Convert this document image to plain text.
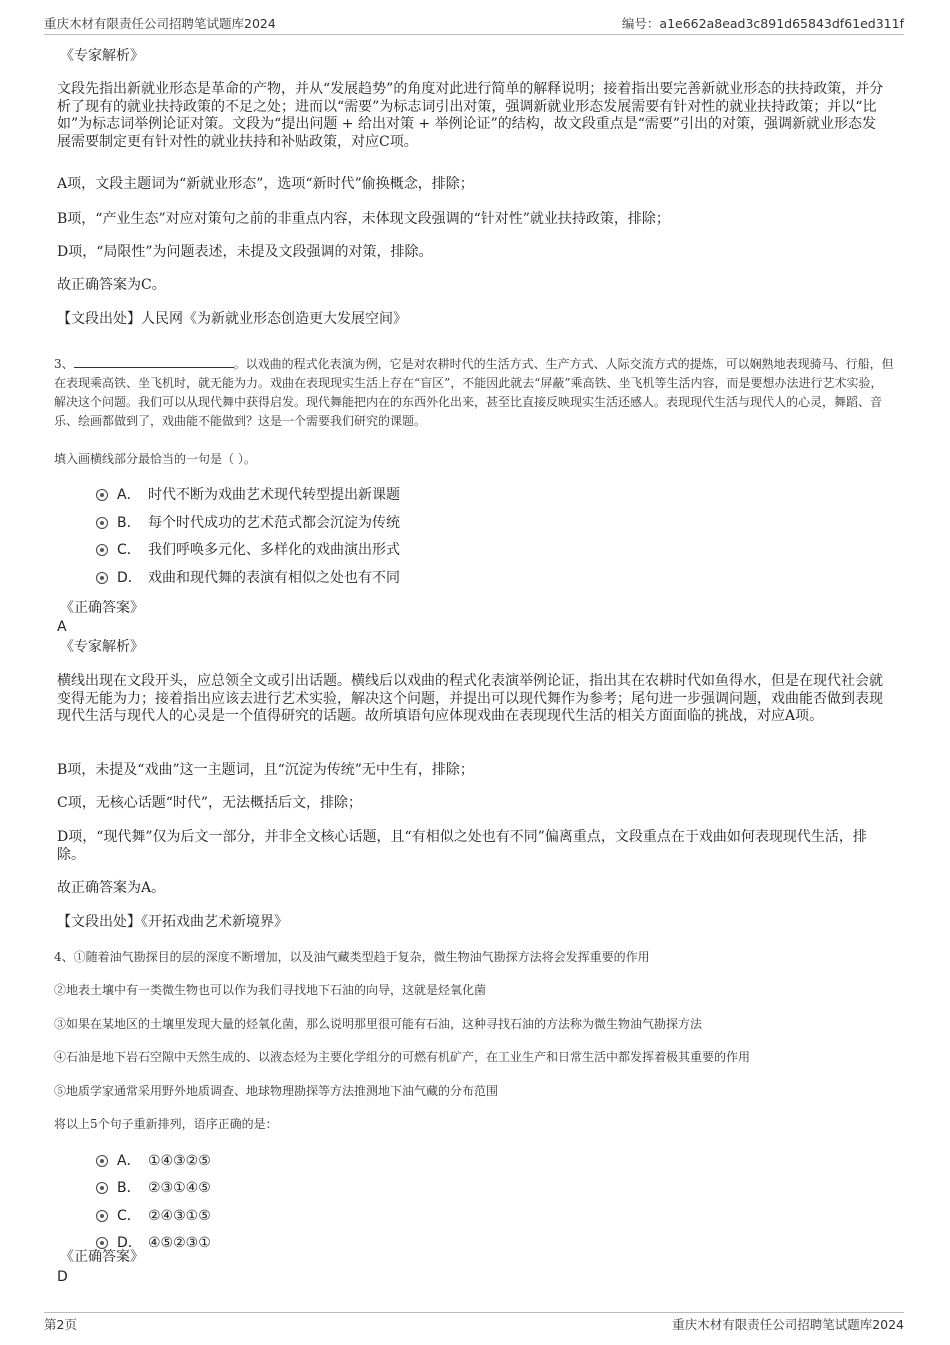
重庆木材有限责任公司招聘笔试题库2024	编号：a1e662a8ead3c891d65843df61ed311f
《专家解析》

文段先指出新就业形态是革命的产物，并从“发展趋势”的角度对此进行简单的解释说明；接着指出要完善新就业形态的扶持政策，并分析了现有的就业扶持政策的不足之处；进而以“需要”为标志词引出对策，强调新就业形态发展需要有针对性的就业扶持政策；并以“比如”为标志词举例论证对策。文段为“提出问题 + 给出对策 + 举例论证”的结构，故文段重点是“需要”引出的对策，强调新就业形态发展需要制定更有针对性的就业扶持和补贴政策，对应C项。

A项，文段主题词为“新就业形态”，选项“新时代”偷换概念，排除；

B项，“产业生态”对应对策句之前的非重点内容，未体现文段强调的“针对性”就业扶持政策，排除；

D项，“局限性”为问题表述，未提及文段强调的对策，排除。

故正确答案为C。

【文段出处】人民网《为新就业形态创造更大发展空间》

3、	。以戏曲的程式化表演为例，它是对农耕时代的生活方式、生产方式、人际交流方式的提炼，可以娴熟地表现骑马、行船，但在表现乘高铁、坐飞机时，就无能为力。戏曲在表现现实生活上存在“盲区”，不能因此就去“屏蔽”乘高铁、坐飞机等生活内容，而是要想办法进行艺术实验，解决这个问题。我们可以从现代舞中获得启发。现代舞能把内在的东西外化出来，甚至比直接反映现实生活还感人。表现现代生活与现代人的心灵，舞蹈、音乐、绘画都做到了，戏曲能不能做到？这是一个需要我们研究的课题。

填入画横线部分最恰当的一句是（ ）。

A． 时代不断为戏曲艺术现代转型提出新课题
B． 每个时代成功的艺术范式都会沉淀为传统
C． 我们呼唤多元化、多样化的戏曲演出形式
D． 戏曲和现代舞的表演有相似之处也有不同
《正确答案》
A
《专家解析》

横线出现在文段开头，应总领全文或引出话题。横线后以戏曲的程式化表演举例论证，指出其在农耕时代如鱼得水，但是在现代社会就变得无能为力；接着指出应该去进行艺术实验，解决这个问题，并提出可以现代舞作为参考；尾句进一步强调问题，戏曲能否做到表现现代生活与现代人的心灵是一个值得研究的话题。故所填语句应体现戏曲在表现现代生活的相关方面面临的挑战，对应A项。

B项，未提及“戏曲”这一主题词，且“沉淀为传统”无中生有，排除；

C项，无核心话题“时代”，无法概括后文，排除；

D项，“现代舞”仅为后文一部分，并非全文核心话题，且“有相似之处也有不同”偏离重点，文段重点在于戏曲如何表现现代生活，排除。

故正确答案为A。

【文段出处】《开拓戏曲艺术新境界》

4、①随着油气勘探目的层的深度不断增加，以及油气藏类型趋于复杂，微生物油气勘探方法将会发挥重要的作用

②地表土壤中有一类微生物也可以作为我们寻找地下石油的向导，这就是烃氧化菌

③如果在某地区的土壤里发现大量的烃氧化菌，那么说明那里很可能有石油，这种寻找石油的方法称为微生物油气勘探方法

④石油是地下岩石空隙中天然生成的、以液态烃为主要化学组分的可燃有机矿产，在工业生产和日常生活中都发挥着极其重要的作用

⑤地质学家通常采用野外地质调查、地球物理勘探等方法推测地下油气藏的分布范围

将以上5个句子重新排列，语序正确的是：

A． ①④③②⑤
B． ②③①④⑤
C． ②④③①⑤
D． ④⑤②③①
《正确答案》
D
第2页	重庆木材有限责任公司招聘笔试题库2024
